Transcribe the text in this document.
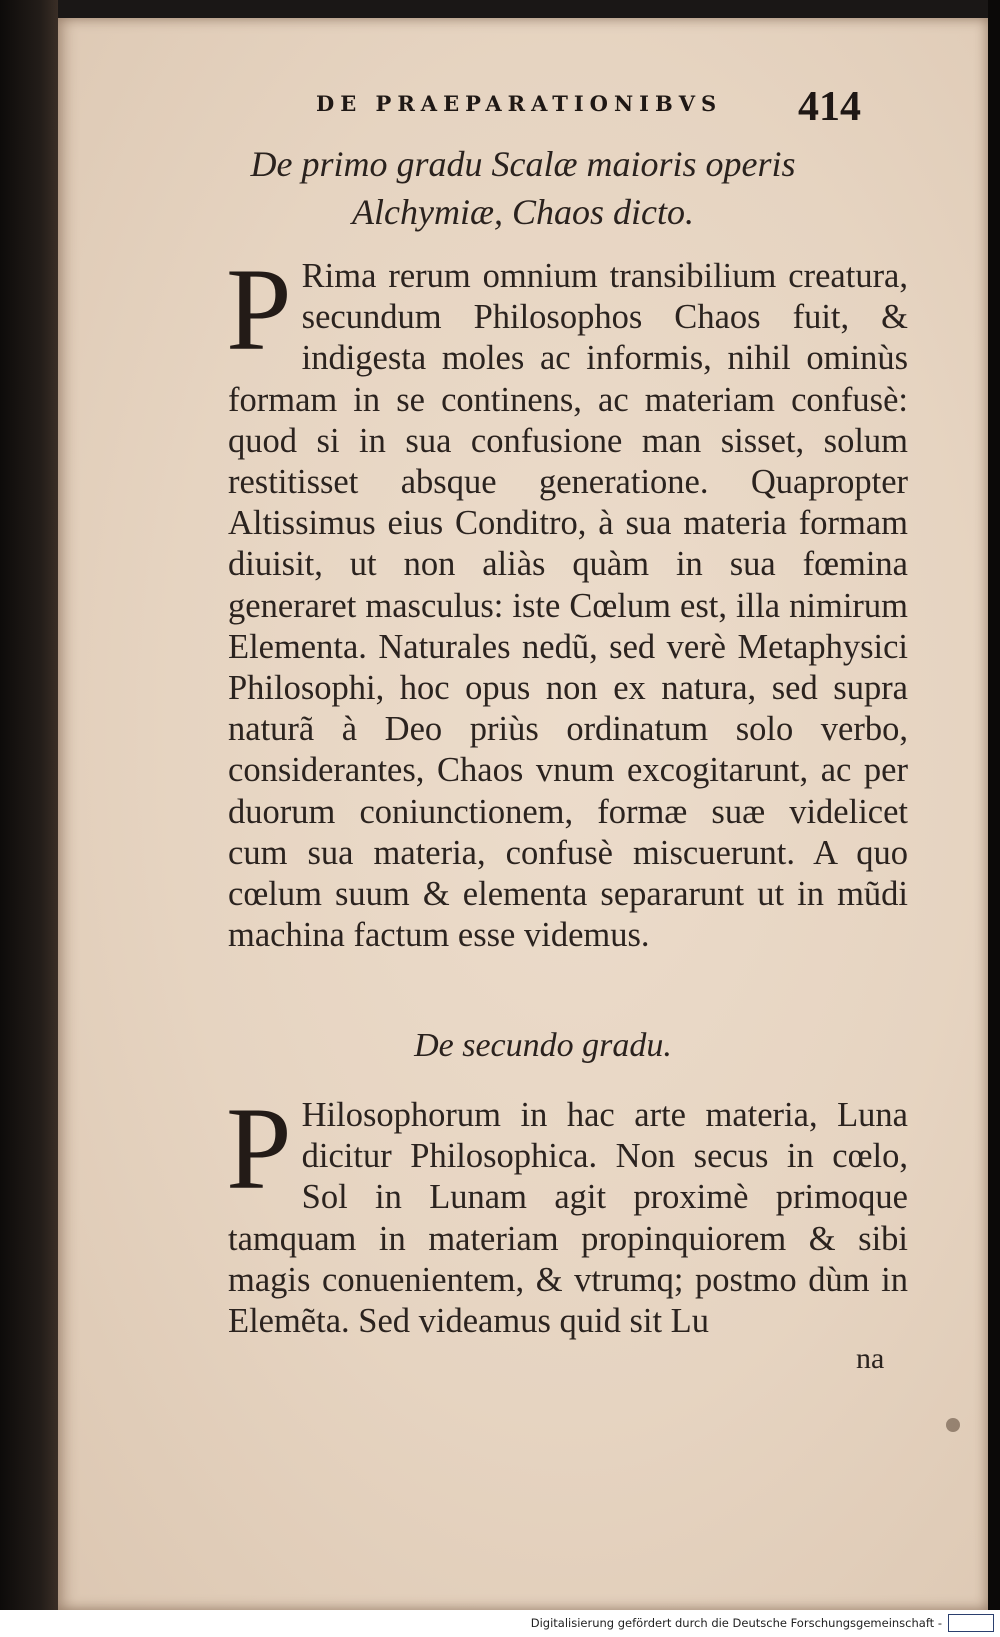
DE PRAEPARATIONIBVS 414
De primo gradu Scalæ maioris operis
Alchymiæ, Chaos dicto.
P Rima rerum omnium transibilium creatura, secundum Philosophos Chaos fuit, & indigesta moles ac informis, nihil ominùs formam in se continens, ac materiam confusè: quod si in sua confusione man sisset, solum restitisset absque generatione. Quapropter Altissimus eius Conditro, à sua materia formam diuisit, ut non aliàs quàm in sua fœmina generaret masculus: iste Cœlum est, illa nimirum Elementa. Naturales nedũ, sed verè Metaphysici Philosophi, hoc opus non ex natura, sed supra naturã à Deo priùs ordinatum solo verbo, considerantes, Chaos vnum excogitarunt, ac per duorum coniunctionem, formæ suæ videlicet cum sua materia, confusè miscuerunt. A quo cœlum suum & elementa separarunt ut in mũdi machina factum esse videmus.
De secundo gradu.
P Hilosophorum in hac arte materia, Luna dicitur Philosophica. Non secus in cœlo, Sol in Lunam agit proximè primoque tamquam in materiam propinquiorem & sibi magis conuenientem, & vtrumq; postmo dùm in Elemẽta. Sed videamus quid sit Lu
na
Digitalisierung gefördert durch die Deutsche Forschungsgemeinschaft -
